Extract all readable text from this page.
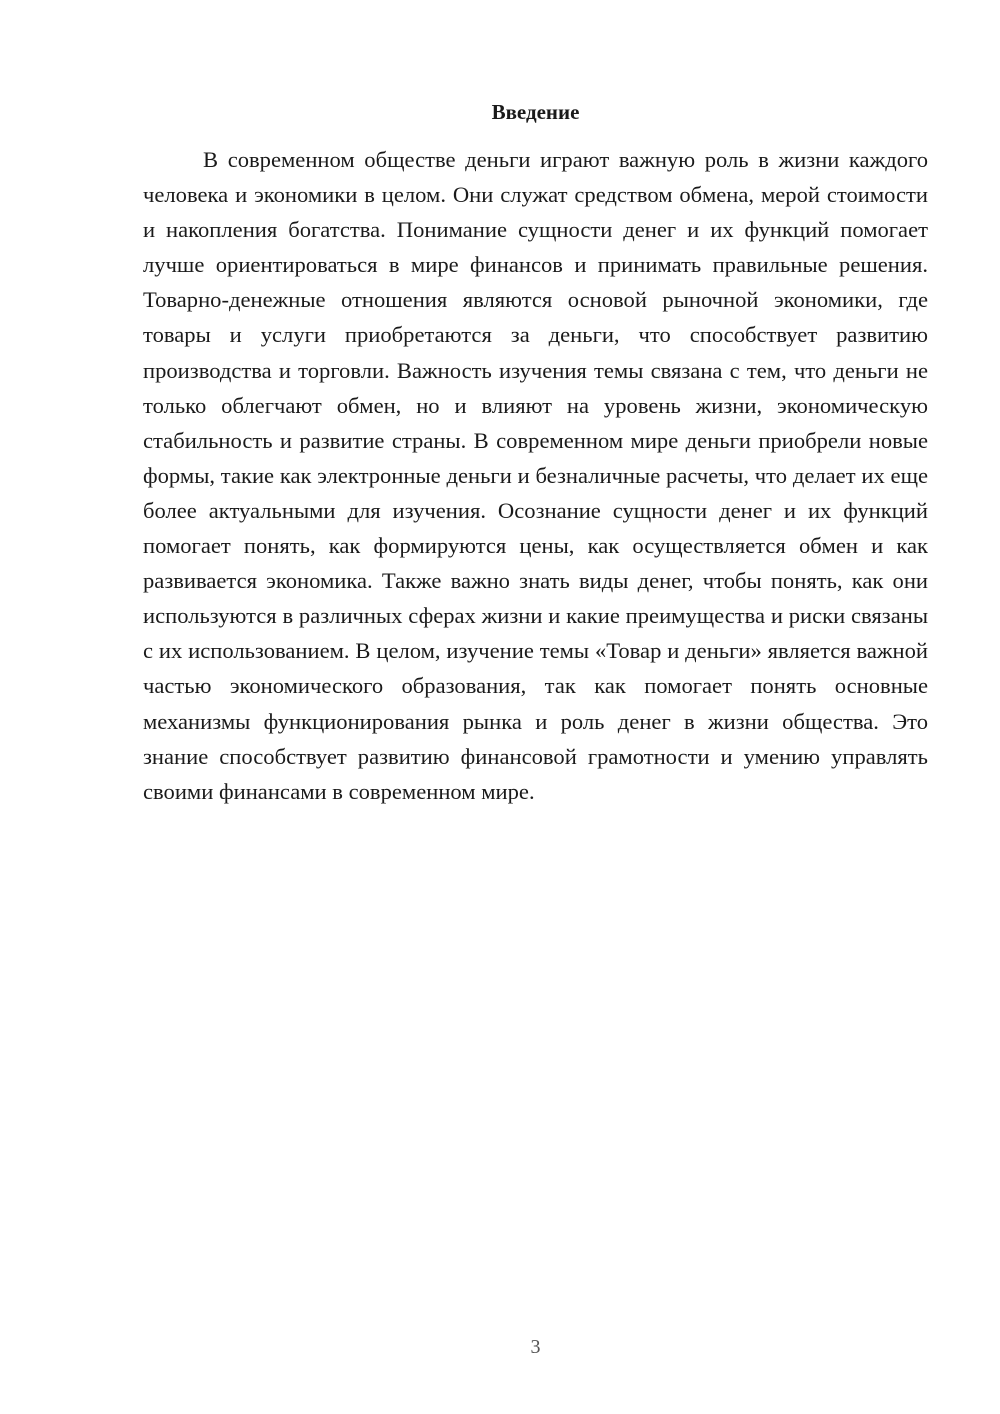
Введение

В современном обществе деньги играют важную роль в жизни каждого человека и экономики в целом. Они служат средством обмена, мерой стоимости и накопления богатства. Понимание сущности денег и их функций помогает лучше ориентироваться в мире финансов и принимать правильные решения. Товарно-денежные отношения являются основой рыночной экономики, где товары и услуги приобретаются за деньги, что способствует развитию производства и торговли. Важность изучения темы связана с тем, что деньги не только облегчают обмен, но и влияют на уровень жизни, экономическую стабильность и развитие страны. В современном мире деньги приобрели новые формы, такие как электронные деньги и безналичные расчеты, что делает их еще более актуальными для изучения. Осознание сущности денег и их функций помогает понять, как формируются цены, как осуществляется обмен и как развивается экономика. Также важно знать виды денег, чтобы понять, как они используются в различных сферах жизни и какие преимущества и риски связаны с их использованием. В целом, изучение темы «Товар и деньги» является важной частью экономического образования, так как помогает понять основные механизмы функционирования рынка и роль денег в жизни общества. Это знание способствует развитию финансовой грамотности и умению управлять своими финансами в современном мире.

3
